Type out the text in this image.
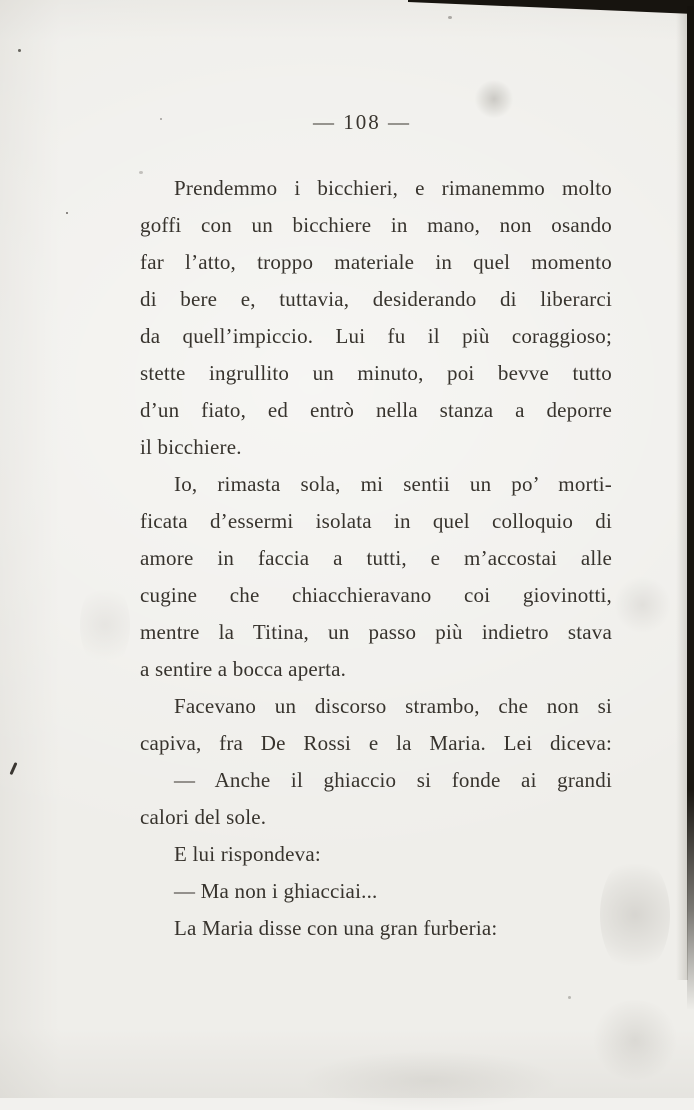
— 108 —
Prendemmo i bicchieri, e rimanemmo molto
goffi con un bicchiere in mano, non osando
far l’atto, troppo materiale in quel momento
di bere e, tuttavia, desiderando di liberarci
da quell’impiccio. Lui fu il più coraggioso;
stette ingrullito un minuto, poi bevve tutto
d’un fiato, ed entrò nella stanza a deporre
il bicchiere.
Io, rimasta sola, mi sentii un po’ morti-
ficata d’essermi isolata in quel colloquio di
amore in faccia a tutti, e m’accostai alle
cugine che chiacchieravano coi giovinotti,
mentre la Titina, un passo più indietro stava
a sentire a bocca aperta.
Facevano un discorso strambo, che non si
capiva, fra De Rossi e la Maria. Lei diceva:
— Anche il ghiaccio si fonde ai grandi
calori del sole.
E lui rispondeva:
— Ma non i ghiacciai...
La Maria disse con una gran furberia:
